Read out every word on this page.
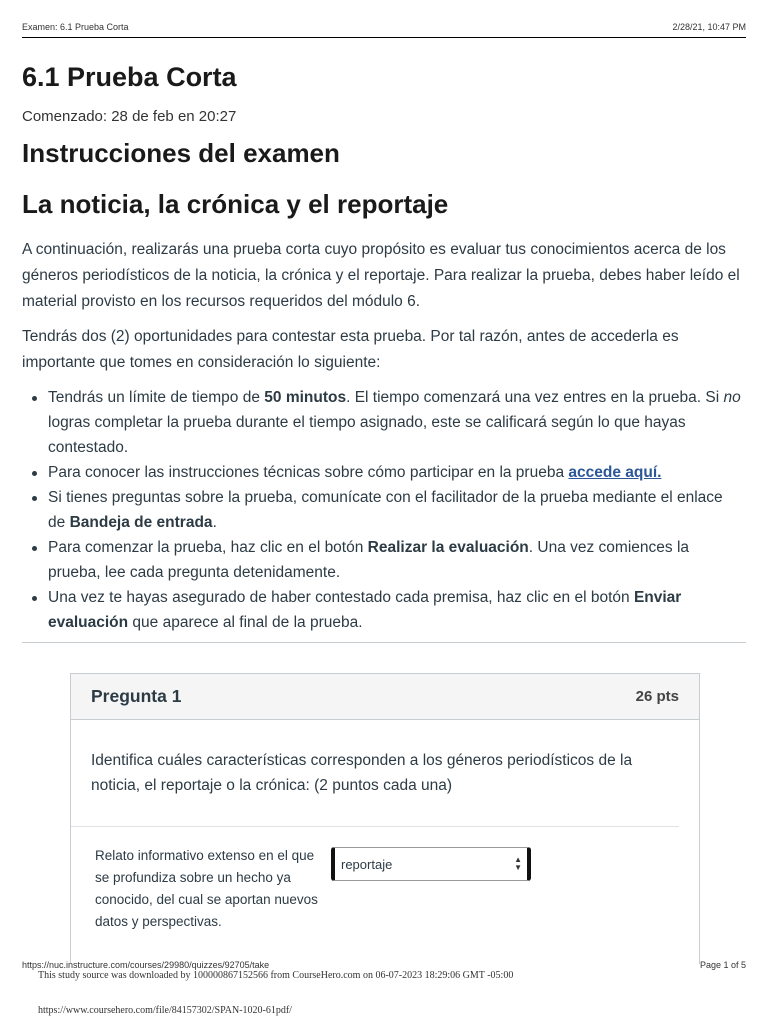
Examen: 6.1 Prueba Corta	2/28/21, 10:47 PM
6.1 Prueba Corta
Comenzado: 28 de feb en 20:27
Instrucciones del examen
La noticia, la crónica y el reportaje

A continuación, realizarás una prueba corta cuyo propósito es evaluar tus conocimientos acerca de los géneros periodísticos de la noticia, la crónica y el reportaje. Para realizar la prueba, debes haber leído el material provisto en los recursos requeridos del módulo 6.

Tendrás dos (2) oportunidades para contestar esta prueba. Por tal razón, antes de accederla es importante que tomes en consideración lo siguiente:

Tendrás un límite de tiempo de 50 minutos. El tiempo comenzará una vez entres en la prueba. Si no logras completar la prueba durante el tiempo asignado, este se calificará según lo que hayas contestado.
Para conocer las instrucciones técnicas sobre cómo participar en la prueba accede aquí.
Si tienes preguntas sobre la prueba, comunícate con el facilitador de la prueba mediante el enlace de Bandeja de entrada.
Para comenzar la prueba, haz clic en el botón Realizar la evaluación. Una vez comiences la prueba, lee cada pregunta detenidamente.
Una vez te hayas asegurado de haber contestado cada premisa, haz clic en el botón Enviar evaluación que aparece al final de la prueba.
Pregunta 1	26 pts
Identifica cuáles características corresponden a los géneros periodísticos de la noticia, el reportaje o la crónica: (2 puntos cada una)
Relato informativo extenso en el que se profundiza sobre un hecho ya conocido, del cual se aportan nuevos datos y perspectivas.
reportaje	▲
▼
https://nuc.instructure.com/courses/29980/quizzes/92705/take	Page 1 of 5
This study source was downloaded by 100000867152566 from CourseHero.com on 06-07-2023 18:29:06 GMT -05:00
https://www.coursehero.com/file/84157302/SPAN-1020-61pdf/
